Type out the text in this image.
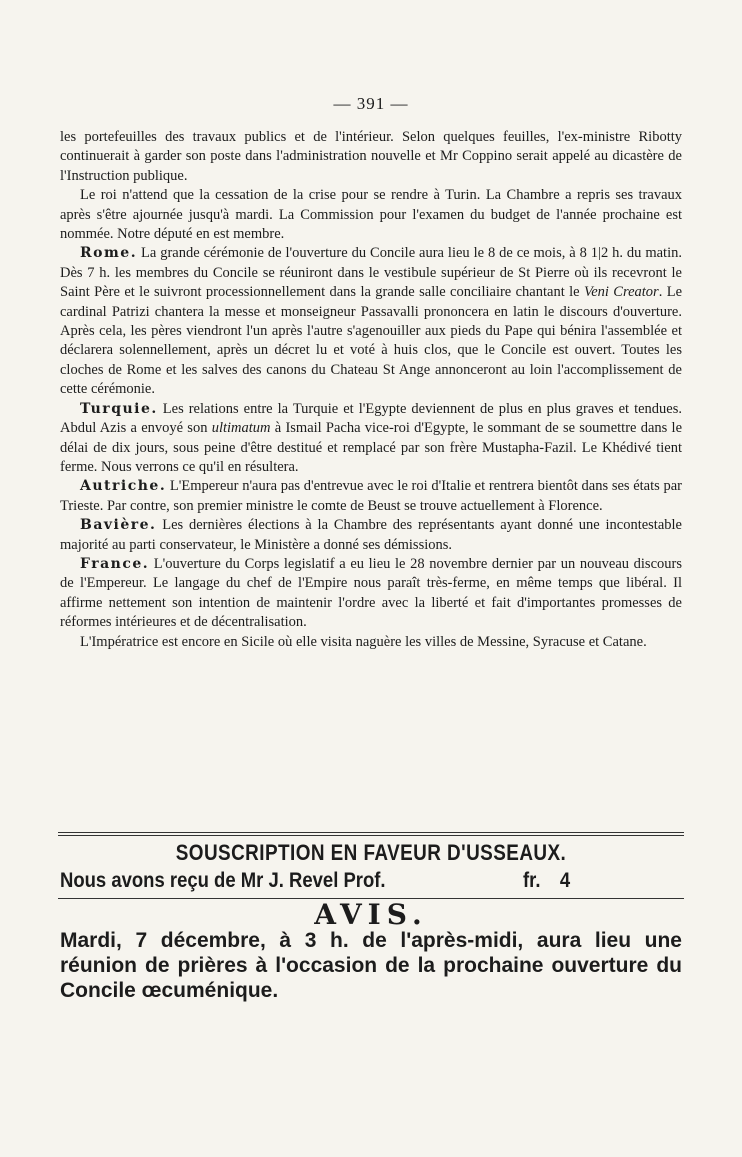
— 391 —

les portefeuilles des travaux publics et de l'intérieur. Selon quelques feuilles, l'ex-ministre Ribotty continuerait à garder son poste dans l'administration nouvelle et Mr Coppino serait appelé au dicastère de l'Instruction publique.

Le roi n'attend que la cessation de la crise pour se rendre à Turin. La Chambre a repris ses travaux après s'être ajournée jusqu'à mardi. La Commission pour l'examen du budget de l'année prochaine est nommée. Notre député en est membre.

Rome. La grande cérémonie de l'ouverture du Concile aura lieu le 8 de ce mois, à 8 1|2 h. du matin. Dès 7 h. les membres du Concile se réuniront dans le vestibule supérieur de St Pierre où ils recevront le Saint Père et le suivront processionnellement dans la grande salle conciliaire chantant le Veni Creator. Le cardinal Patrizi chantera la messe et monseigneur Passavalli prononcera en latin le discours d'ouverture. Après cela, les pères viendront l'un après l'autre s'agenouiller aux pieds du Pape qui bénira l'assemblée et déclarera solennellement, après un décret lu et voté à huis clos, que le Concile est ouvert. Toutes les cloches de Rome et les salves des canons du Chateau St Ange annonceront au loin l'accomplissement de cette cérémonie.

Turquie. Les relations entre la Turquie et l'Egypte deviennent de plus en plus graves et tendues. Abdul Azis a envoyé son ultimatum à Ismail Pacha vice-roi d'Egypte, le sommant de se soumettre dans le délai de dix jours, sous peine d'être destitué et remplacé par son frère Mustapha-Fazil. Le Khédivé tient ferme. Nous verrons ce qu'il en résultera.

Autriche. L'Empereur n'aura pas d'entrevue avec le roi d'Italie et rentrera bientôt dans ses états par Trieste. Par contre, son premier ministre le comte de Beust se trouve actuellement à Florence.

Bavière. Les dernières élections à la Chambre des représentants ayant donné une incontestable majorité au parti conservateur, le Ministère a donné ses démissions.

France. L'ouverture du Corps legislatif a eu lieu le 28 novembre dernier par un nouveau discours de l'Empereur. Le langage du chef de l'Empire nous paraît très-ferme, en même temps que libéral. Il affirme nettement son intention de maintenir l'ordre avec la liberté et fait d'importantes promesses de réformes intérieures et de décentralisation.

L'Impératrice est encore en Sicile où elle visita naguère les villes de Messine, Syracuse et Catane.

SOUSCRIPTION EN FAVEUR D'USSEAUX.
Nous avons reçu de Mr J. Revel Prof.	fr. 4
AVIS.
Mardi, 7 décembre, à 3 h. de l'après-midi, aura lieu une réunion de prières à l'occasion de la prochaine ouverture du Concile œcuménique.
